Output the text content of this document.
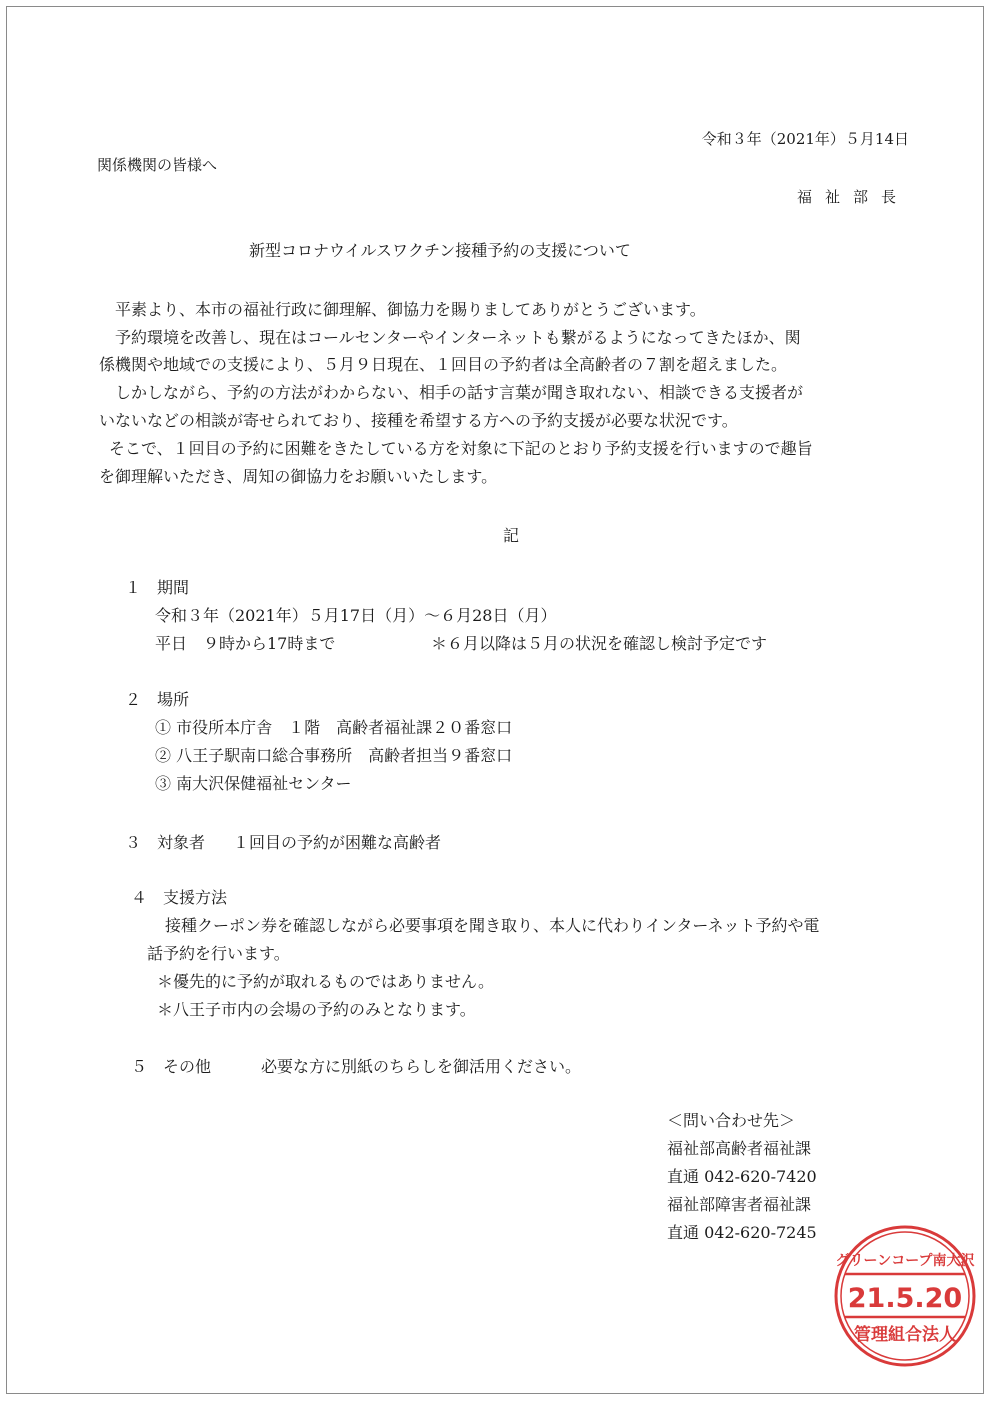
令和３年（2021年）５月14日
関係機関の皆様へ
福祉部長
新型コロナウイルスワクチン接種予約の支援について
　平素より、本市の福祉行政に御理解、御協力を賜りましてありがとうございます。
　予約環境を改善し、現在はコールセンターやインターネットも繋がるようになってきたほか、関
係機関や地域での支援により、５月９日現在、１回目の予約者は全高齢者の７割を超えました。
　しかしながら、予約の方法がわからない、相手の話す言葉が聞き取れない、相談できる支援者が
いないなどの相談が寄せられており、接種を希望する方への予約支援が必要な状況です。
そこで、１回目の予約に困難をきたしている方を対象に下記のとおり予約支援を行いますので趣旨
を御理解いただき、周知の御協力をお願いいたします。
記
１　期間
令和３年（2021年）５月17日（月）～６月28日（月）
平日　９時から17時まで	＊６月以降は５月の状況を確認し検討予定です
２　場所
① 市役所本庁舎　１階　高齢者福祉課２０番窓口
② 八王子駅南口総合事務所　高齢者担当９番窓口
③ 南大沢保健福祉センター
３　対象者 １回目の予約が困難な高齢者
４　支援方法
接種クーポン券を確認しながら必要事項を聞き取り、本人に代わりインターネット予約や電
話予約を行います。
＊優先的に予約が取れるものではありません。
＊八王子市内の会場の予約のみとなります。
５　その他	必要な方に別紙のちらしを御活用ください。
＜問い合わせ先＞
福祉部高齢者福祉課
直通 042-620-7420
福祉部障害者福祉課
直通 042-620-7245
グリーンコープ南大沢
21.5.20
管理組合法人
